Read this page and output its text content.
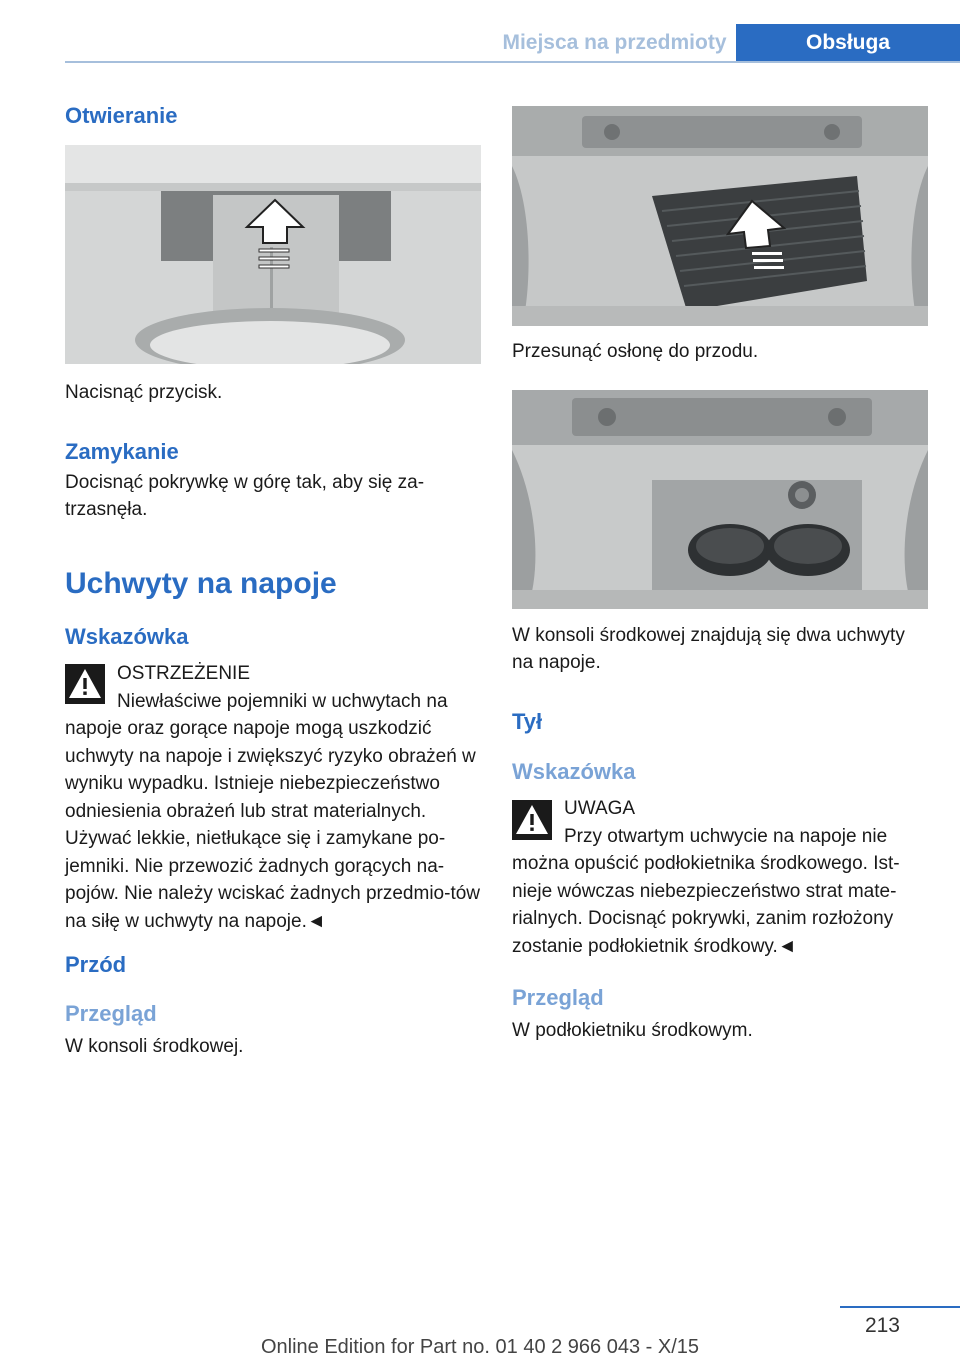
Miejsca na przedmioty	Obsługa
Otwieranie
Nacisnąć przycisk.
Zamykanie
Docisnąć pokrywkę w górę tak, aby się za-trzasnęła.
Uchwyty na napoje
Wskazówka
OSTRZEŻENIE
Niewłaściwe pojemniki w uchwytach na
napoje oraz gorące napoje mogą uszkodzić uchwyty na napoje i zwiększyć ryzyko obrażeń w wyniku wypadku. Istnieje niebezpieczeństwo odniesienia obrażeń lub strat materialnych. Używać lekkie, nietłukące się i zamykane po-jemniki. Nie przewozić żadnych gorących na-pojów. Nie należy wciskać żadnych przedmio-tów na siłę w uchwyty na napoje.◄
Przód
Przegląd
W konsoli środkowej.
Przesunąć osłonę do przodu.
W konsoli środkowej znajdują się dwa uchwyty na napoje.
Tył
Wskazówka
UWAGA
Przy otwartym uchwycie na napoje nie
można opuścić podłokietnika środkowego. Ist-nieje wówczas niebezpieczeństwo strat mate-rialnych. Docisnąć pokrywki, zanim rozłożony zostanie podłokietnik środkowy.◄
Przegląd
W podłokietniku środkowym.
213
Online Edition for Part no. 01 40 2 966 043 - X/15
